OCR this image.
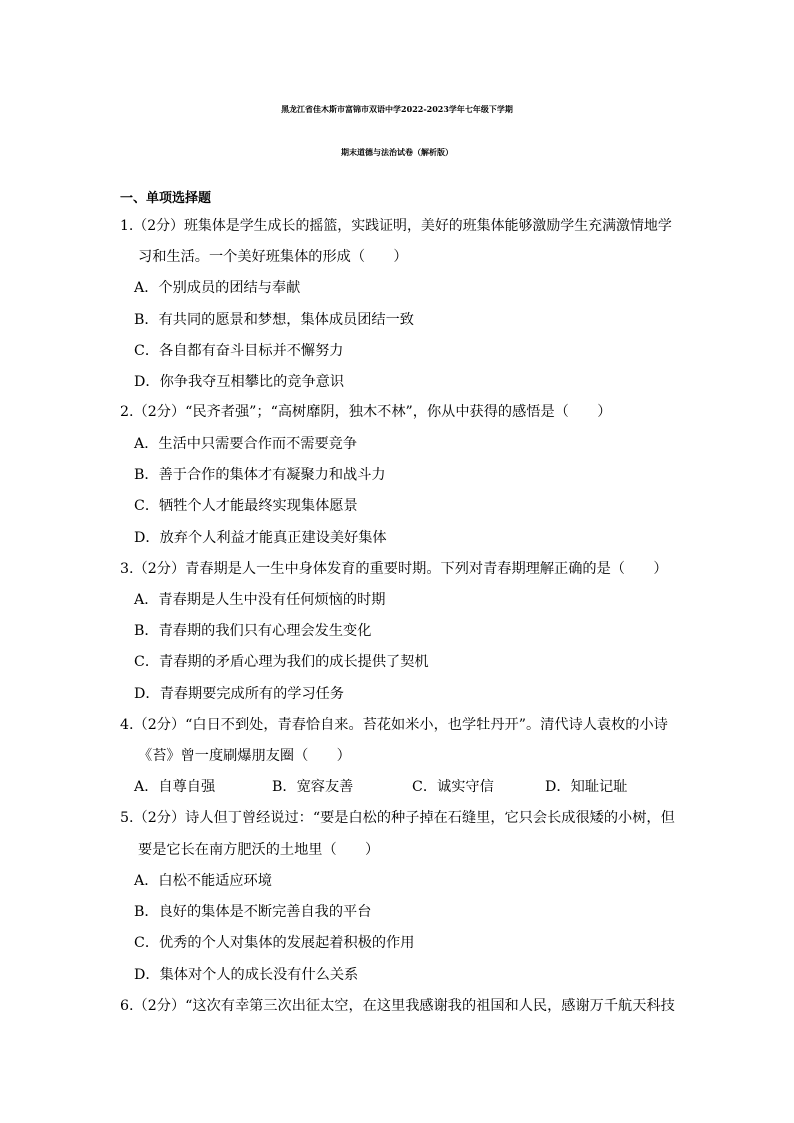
黑龙江省佳木斯市富锦市双语中学2022-2023学年七年级下学期
期末道德与法治试卷（解析版）
一、单项选择题
1.（2分）班集体是学生成长的摇篮，实践证明，美好的班集体能够激励学生充满激情地学
习和生活。一个美好班集体的形成（　　）
A．个别成员的团结与奉献
B．有共同的愿景和梦想，集体成员团结一致
C．各自都有奋斗目标并不懈努力
D．你争我夺互相攀比的竞争意识
2.（2分）“民齐者强”；“高树靡阴，独木不林”，你从中获得的感悟是（　　）
A．生活中只需要合作而不需要竞争
B．善于合作的集体才有凝聚力和战斗力
C．牺牲个人才能最终实现集体愿景
D．放弃个人利益才能真正建设美好集体
3.（2分）青春期是人一生中身体发育的重要时期。下列对青春期理解正确的是（　　）
A．青春期是人生中没有任何烦恼的时期
B．青春期的我们只有心理会发生变化
C．青春期的矛盾心理为我们的成长提供了契机
D．青春期要完成所有的学习任务
4.（2分）“白日不到处，青春恰自来。苔花如米小，也学牡丹开”。清代诗人袁枚的小诗
《苔》曾一度刷爆朋友圈（　　）
A．自尊自强	B．宽容友善	C．诚实守信	D．知耻记耻
5.（2分）诗人但丁曾经说过：“要是白松的种子掉在石缝里，它只会长成很矮的小树，但
要是它长在南方肥沃的土地里（　　）
A．白松不能适应环境
B．良好的集体是不断完善自我的平台
C．优秀的个人对集体的发展起着积极的作用
D．集体对个人的成长没有什么关系
6.（2分）“这次有幸第三次出征太空，在这里我感谢我的祖国和人民，感谢万千航天科技
